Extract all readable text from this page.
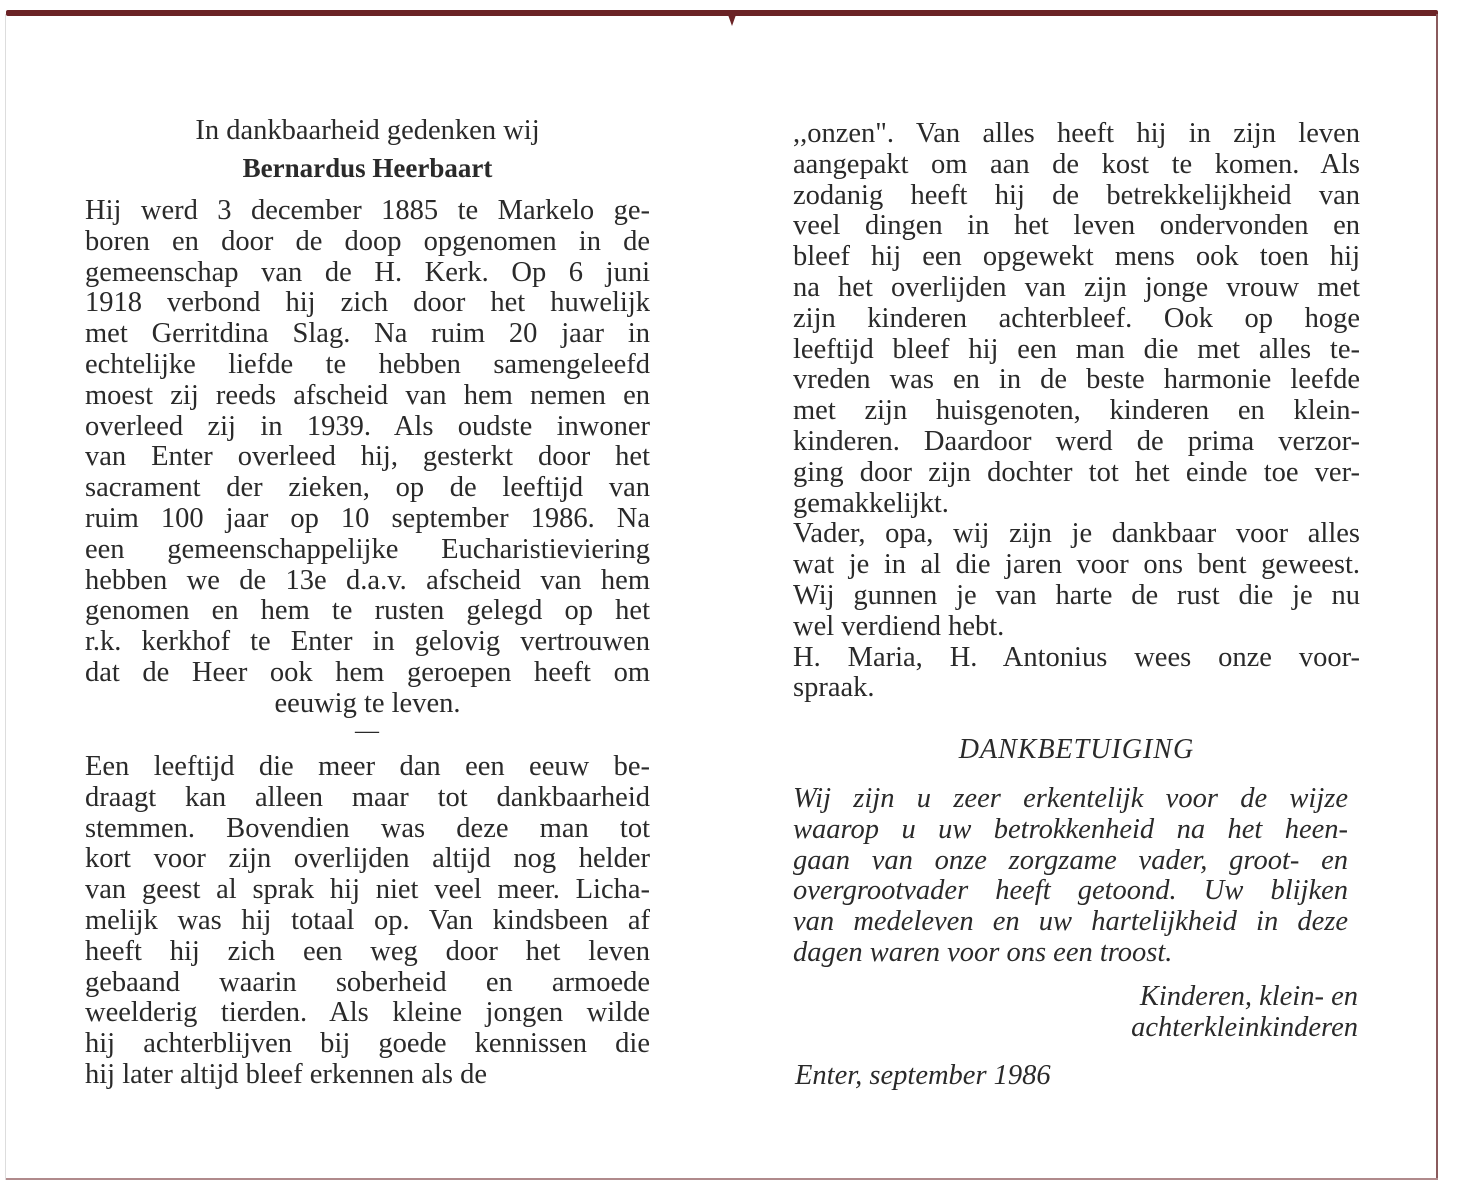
In dankbaarheid gedenken wij
Bernardus Heerbaart
Hij werd 3 december 1885 te Markelo ge-
boren en door de doop opgenomen in de
gemeenschap van de H. Kerk. Op 6 juni
1918 verbond hij zich door het huwelijk
met Gerritdina Slag. Na ruim 20 jaar in
echtelijke liefde te hebben samengeleefd
moest zij reeds afscheid van hem nemen en
overleed zij in 1939. Als oudste inwoner
van Enter overleed hij, gesterkt door het
sacrament der zieken, op de leeftijd van
ruim 100 jaar op 10 september 1986. Na
een gemeenschappelijke Eucharistieviering
hebben we de 13e d.a.v. afscheid van hem
genomen en hem te rusten gelegd op het
r.k. kerkhof te Enter in gelovig vertrouwen
dat de Heer ook hem geroepen heeft om
eeuwig te leven.
—
Een leeftijd die meer dan een eeuw be-
draagt kan alleen maar tot dankbaarheid
stemmen. Bovendien was deze man tot
kort voor zijn overlijden altijd nog helder
van geest al sprak hij niet veel meer. Licha-
melijk was hij totaal op. Van kindsbeen af
heeft hij zich een weg door het leven
gebaand waarin soberheid en armoede
weelderig tierden. Als kleine jongen wilde
hij achterblijven bij goede kennissen die
hij later altijd bleef erkennen als de
,,onzen". Van alles heeft hij in zijn leven
aangepakt om aan de kost te komen. Als
zodanig heeft hij de betrekkelijkheid van
veel dingen in het leven ondervonden en
bleef hij een opgewekt mens ook toen hij
na het overlijden van zijn jonge vrouw met
zijn kinderen achterbleef. Ook op hoge
leeftijd bleef hij een man die met alles te-
vreden was en in de beste harmonie leefde
met zijn huisgenoten, kinderen en klein-
kinderen. Daardoor werd de prima verzor-
ging door zijn dochter tot het einde toe ver-
gemakkelijkt.
Vader, opa, wij zijn je dankbaar voor alles
wat je in al die jaren voor ons bent geweest.
Wij gunnen je van harte de rust die je nu
wel verdiend hebt.
H. Maria, H. Antonius wees onze voor-
spraak.
DANKBETUIGING
Wij zijn u zeer erkentelijk voor de wijze
waarop u uw betrokkenheid na het heen-
gaan van onze zorgzame vader, groot- en
overgrootvader heeft getoond. Uw blijken
van medeleven en uw hartelijkheid in deze
dagen waren voor ons een troost.
Kinderen, klein- en
achterkleinkinderen
Enter, september 1986
